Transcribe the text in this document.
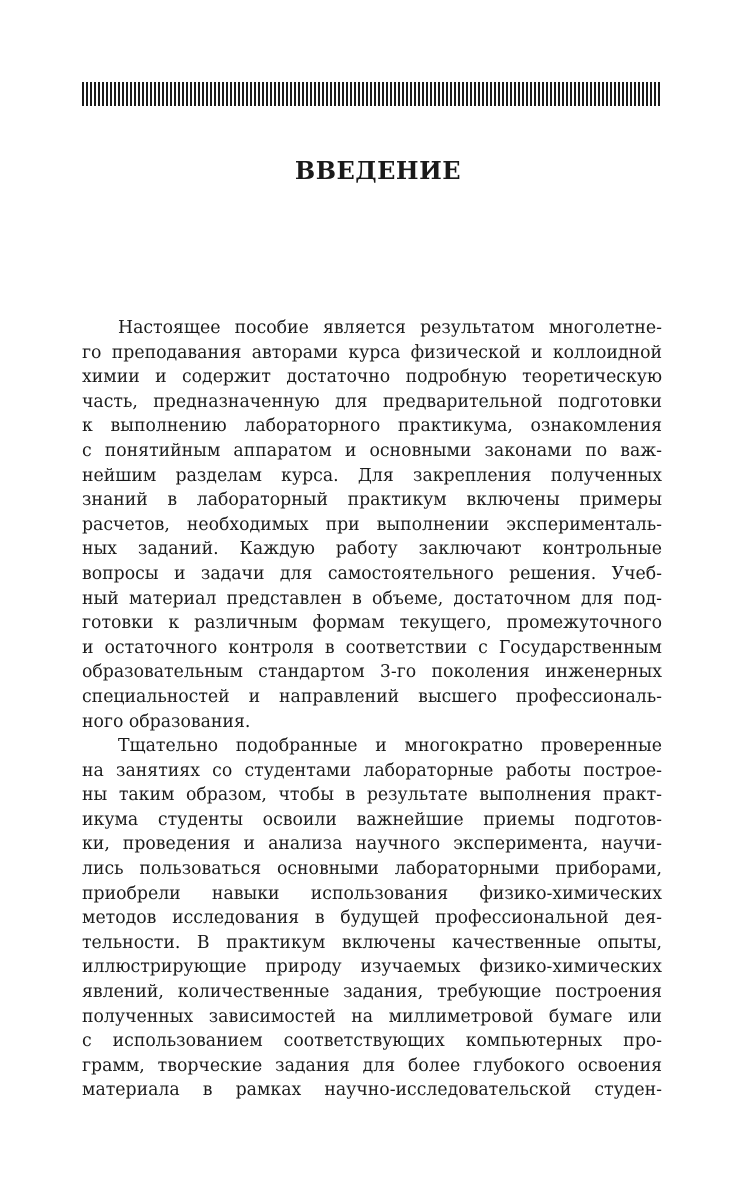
ВВЕДЕНИЕ

Настоящее пособие является результатом многолетне-
го преподавания авторами курса физической и коллоидной
химии и содержит достаточно подробную теоретическую
часть, предназначенную для предварительной подготовки
к выполнению лабораторного практикума, ознакомления
с понятийным аппаратом и основными законами по важ-
нейшим разделам курса. Для закрепления полученных
знаний в лабораторный практикум включены примеры
расчетов, необходимых при выполнении эксперименталь-
ных заданий. Каждую работу заключают контрольные
вопросы и задачи для самостоятельного решения. Учеб-
ный материал представлен в объеме, достаточном для под-
готовки к различным формам текущего, промежуточного
и остаточного контроля в соответствии с Государственным
образовательным стандартом 3-го поколения инженерных
специальностей и направлений высшего профессиональ-
ного образования.

Тщательно подобранные и многократно проверенные
на занятиях со студентами лабораторные работы построе-
ны таким образом, чтобы в результате выполнения практ-
икума студенты освоили важнейшие приемы подготов-
ки, проведения и анализа научного эксперимента, научи-
лись пользоваться основными лабораторными приборами,
приобрели навыки использования физико-химических
методов исследования в будущей профессиональной дея-
тельности. В практикум включены качественные опыты,
иллюстрирующие природу изучаемых физико-химических
явлений, количественные задания, требующие построения
полученных зависимостей на миллиметровой бумаге или
с использованием соответствующих компьютерных про-
грамм, творческие задания для более глубокого освоения
материала в рамках научно-исследовательской студен-
